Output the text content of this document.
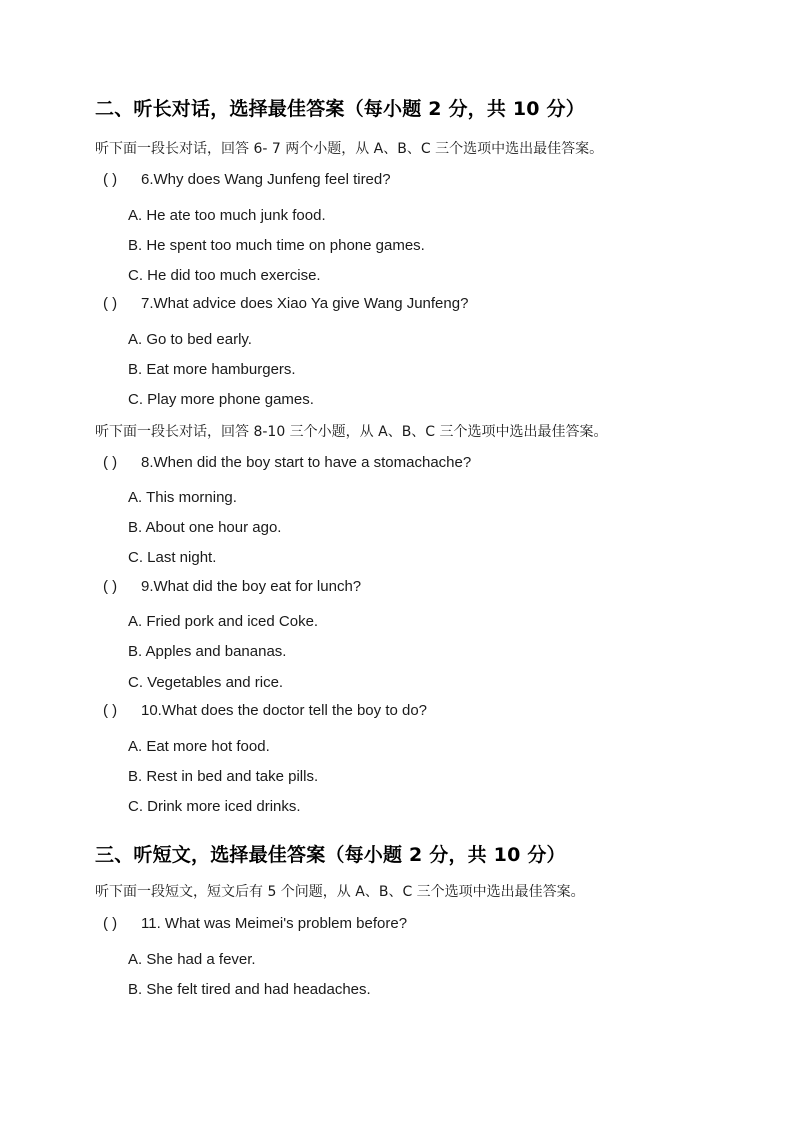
二、听长对话，选择最佳答案（每小题 2 分，共 10 分）
听下面一段长对话，回答 6- 7 两个小题，从 A、B、C 三个选项中选出最佳答案。
( ) 6.Why does Wang Junfeng feel tired?
A. He ate too much junk food.
B. He spent too much time on phone games.
C. He did too much exercise.
( ) 7.What advice does Xiao Ya give Wang Junfeng?
A. Go to bed early.
B. Eat more hamburgers.
C. Play more phone games.
听下面一段长对话，回答 8-10 三个小题，从 A、B、C 三个选项中选出最佳答案。
( ) 8.When did the boy start to have a stomachache?
A. This morning.
B. About one hour ago.
C. Last night.
( ) 9.What did the boy eat for lunch?
A. Fried pork and iced Coke.
B. Apples and bananas.
C. Vegetables and rice.
( ) 10.What does the doctor tell the boy to do?
A. Eat more hot food.
B. Rest in bed and take pills.
C. Drink more iced drinks.
三、听短文，选择最佳答案（每小题 2 分，共 10 分）
听下面一段短文，短文后有 5 个问题，从 A、B、C 三个选项中选出最佳答案。
( ) 11. What was Meimei's problem before?
A. She had a fever.
B. She felt tired and had headaches.
